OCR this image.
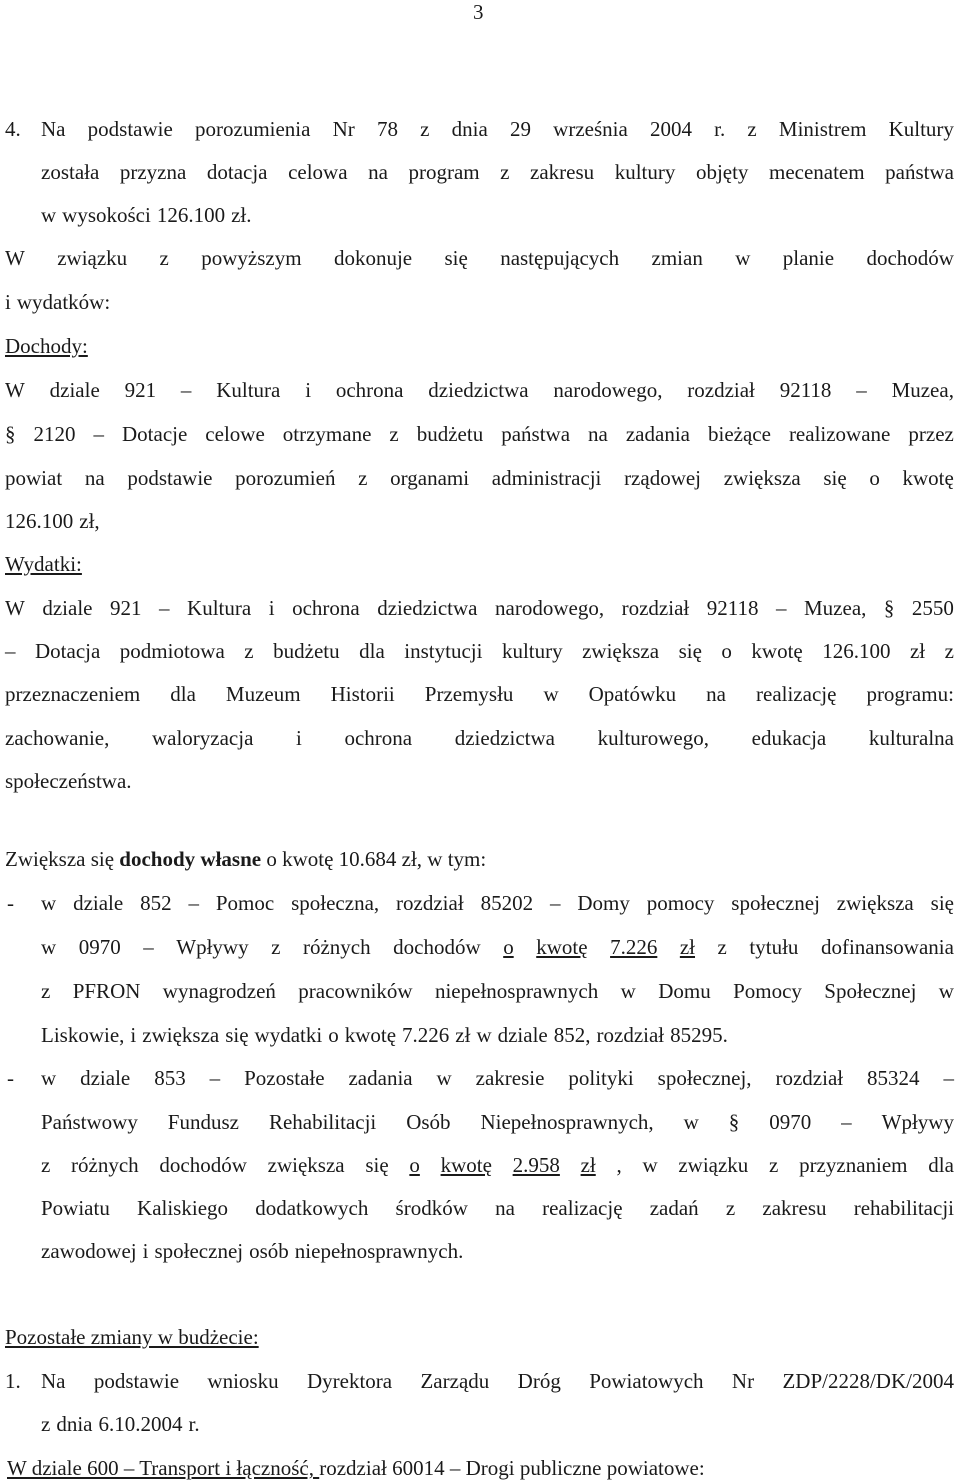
3
4. Na podstawie porozumienia Nr 78 z dnia 29 września 2004 r. z Ministrem Kultury
została przyzna dotacja celowa na program z zakresu kultury objęty mecenatem państwa
w wysokości 126.100 zł.
W związku z powyższym dokonuje się następujących zmian w planie dochodów
i wydatków:
Dochody:
W dziale 921 – Kultura i ochrona dziedzictwa narodowego, rozdział 92118 – Muzea,
§ 2120 – Dotacje celowe otrzymane z budżetu państwa na zadania bieżące realizowane przez
powiat na podstawie porozumień z organami administracji rządowej zwiększa się o kwotę
126.100 zł,
Wydatki:
W dziale 921 – Kultura i ochrona dziedzictwa narodowego, rozdział 92118 – Muzea, § 2550
– Dotacja podmiotowa z budżetu dla instytucji kultury zwiększa się o kwotę 126.100 zł z
przeznaczeniem dla Muzeum Historii Przemysłu w Opatówku na realizację programu:
zachowanie, waloryzacja i ochrona dziedzictwa kulturowego, edukacja kulturalna
społeczeństwa.
Zwiększa się dochody własne o kwotę 10.684 zł, w tym:
- w dziale 852 – Pomoc społeczna, rozdział 85202 – Domy pomocy społecznej zwiększa się
w 0970 – Wpływy z różnych dochodów o kwotę 7.226 zł z tytułu dofinansowania
z PFRON wynagrodzeń pracowników niepełnosprawnych w Domu Pomocy Społecznej w
Liskowie, i zwiększa się wydatki o kwotę 7.226 zł w dziale 852, rozdział 85295.
- w dziale 853 – Pozostałe zadania w zakresie polityki społecznej, rozdział 85324 –
Państwowy Fundusz Rehabilitacji Osób Niepełnosprawnych, w § 0970 – Wpływy
z różnych dochodów zwiększa się o kwotę 2.958 zł , w związku z przyznaniem dla
Powiatu Kaliskiego dodatkowych środków na realizację zadań z zakresu rehabilitacji
zawodowej i społecznej osób niepełnosprawnych.
Pozostałe zmiany w budżecie:
1. Na podstawie wniosku Dyrektora Zarządu Dróg Powiatowych Nr ZDP/2228/DK/2004
z dnia 6.10.2004 r.
W dziale 600 – Transport i łączność, rozdział 60014 – Drogi publiczne powiatowe:
